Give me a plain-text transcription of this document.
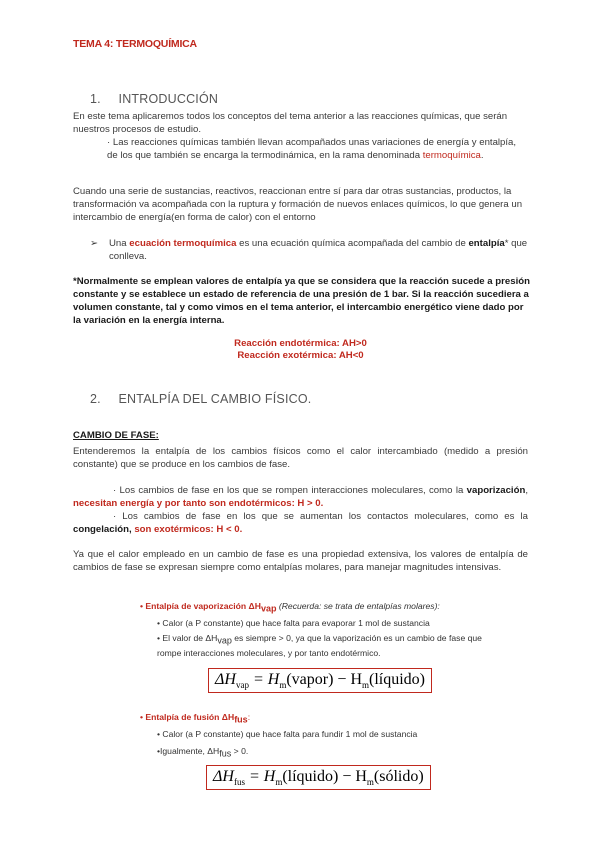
TEMA 4: TERMOQUÍMICA
1. INTRODUCCIÓN
En este tema aplicaremos todos los conceptos del tema anterior a las reacciones químicas, que serán nuestros procesos de estudio.
· Las reacciones químicas también llevan acompañados unas variaciones de energía y entalpía, de los que también se encarga la termodinámica, en la rama denominada termoquímica.
Cuando una serie de sustancias, reactivos, reaccionan entre sí para dar otras sustancias, productos, la transformación va acompañada con la ruptura y formación de nuevos enlaces químicos, lo que genera un intercambio de energía(en forma de calor) con el entorno
➢	Una ecuación termoquímica es una ecuación química acompañada del cambio de entalpía* que conlleva.
*Normalmente se emplean valores de entalpía ya que se considera que la reacción sucede a presión constante y se establece un estado de referencia de una presión de 1 bar. Si la reacción sucediera a volumen constante, tal y como vimos en el tema anterior, el intercambio energético viene dado por la variación en la energía interna.
Reacción endotérmica: AH>0
Reacción exotérmica: AH<0
2. ENTALPÍA DEL CAMBIO FÍSICO.
CAMBIO DE FASE:
Entenderemos la entalpía de los cambios físicos como el calor intercambiado (medido a presión constante) que se produce en los cambios de fase.
· Los cambios de fase en los que se rompen interacciones moleculares, como la vaporización, necesitan energía y por tanto son endotérmicos: H > 0.
· Los cambios de fase en los que se aumentan los contactos moleculares, como es la congelación, son exotérmicos: H < 0.
Ya que el calor empleado en un cambio de fase es una propiedad extensiva, los valores de entalpía de cambios de fase se expresan siempre como entalpías molares, para manejar magnitudes intensivas.
• Entalpía de vaporización $\Delta H_{vap}$ (Recuerda: se trata de entalpías molares):
• Calor (a P constante) que hace falta para evaporar 1 mol de sustancia
• El valor de $\Delta H_{vap}$ es siempre > 0, ya que la vaporización es un cambio de fase que rompe interacciones moleculares, y por tanto endotérmico.
$\Delta H_{vap}$ = $H_m(vapor)$ − $H_m(líquido)$
• Entalpía de fusión $\Delta H_{fus}$:
• Calor (a P constante) que hace falta para fundir 1 mol de sustancia
•Igualmente, $\Delta H_{fus} > 0$.
$\Delta H_{fus}$ = $H_m(líquido)$ − $H_m(sólido)$
